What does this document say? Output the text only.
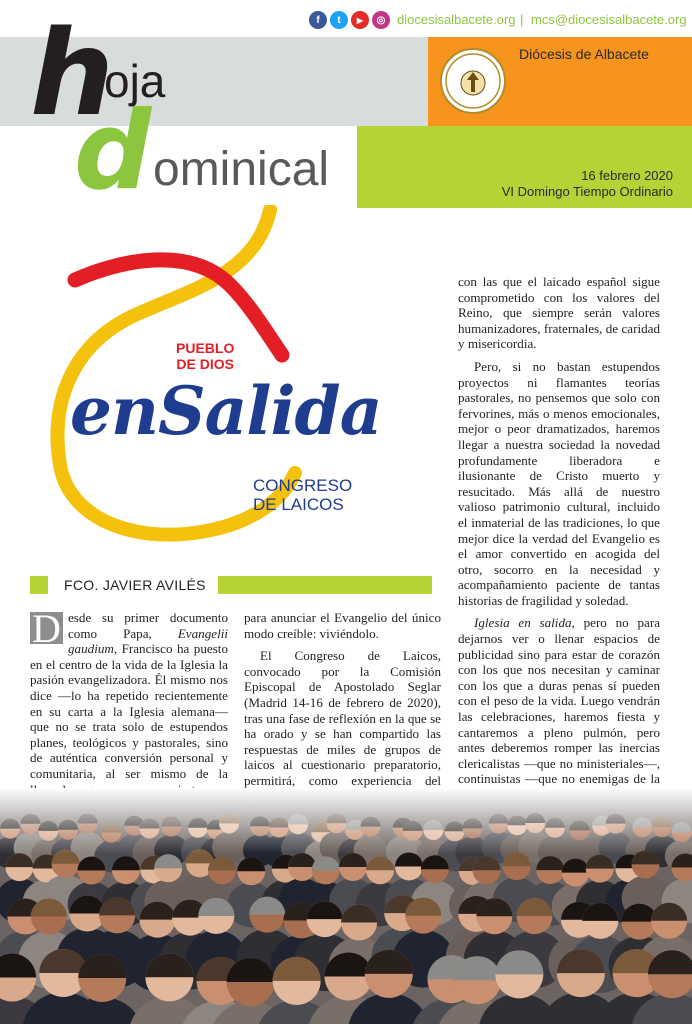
f	t	▶	◎ diocesisalbacete.org | mcs@diocesisalbacete.org
Diócesis de Albacete
h
oja
d ominical	16 febrero 2020
VI Domingo Tiempo Ordinario
PUEBLO
DE DIOS
enSalida
CONGRESO
DE LAICOS
FCO. JAVIER AVILÉS

D esde su primer documento como Papa, Evangelii gaudium, Francisco ha puesto en el centro de la vida de la Iglesia la pasión evangelizadora. Él mismo nos dice —lo ha repetido recientemente en su carta a la Iglesia alemana— que no se trata solo de estupendos planes, teológicos y pastorales, sino de auténtica conversión personal y comunitaria, al ser mismo de la

para anunciar el Evangelio del único modo creíble: viviéndolo.

El Congreso de Laicos, convocado por la Comisión Episcopal de Apostolado Seglar (Madrid 14-16 de febrero de 2020), tras una fase de reflexión en la que se ha orado y se han compartido las respuestas de miles de grupos de laicos al cuestionario preparatorio, permitirá, como experiencia del

con las que el laicado español sigue comprometido con los valores del Reino, que siempre serán valores humanizadores, fraternales, de caridad y misericordia.

Pero, si no bastan estupendos proyectos ni flamantes teorías pastorales, no pensemos que solo con fervorines, más o menos emocionales, mejor o peor dramatizados, haremos llegar a nuestra sociedad la novedad profundamente liberadora e ilusionante de Cristo muerto y resucitado. Más allá de nuestro valioso patrimonio cultural, incluido el inmaterial de las tradiciones, lo que mejor dice la verdad del Evangelio es el amor convertido en acogida del otro, socorro en la necesidad y acompañamiento paciente de tantas historias de fragilidad y soledad.

Iglesia en salida, pero no para dejarnos ver o llenar espacios de publicidad sino para estar de corazón con los que nos necesitan y caminar con los que a duras penas sí pueden con el peso de la vida. Luego vendrán las celebraciones, haremos fiesta y cantaremos a pleno pulmón, pero antes deberemos romper las inercias clericalistas —que no ministeriales—, continuistas —que no enemigas de la
